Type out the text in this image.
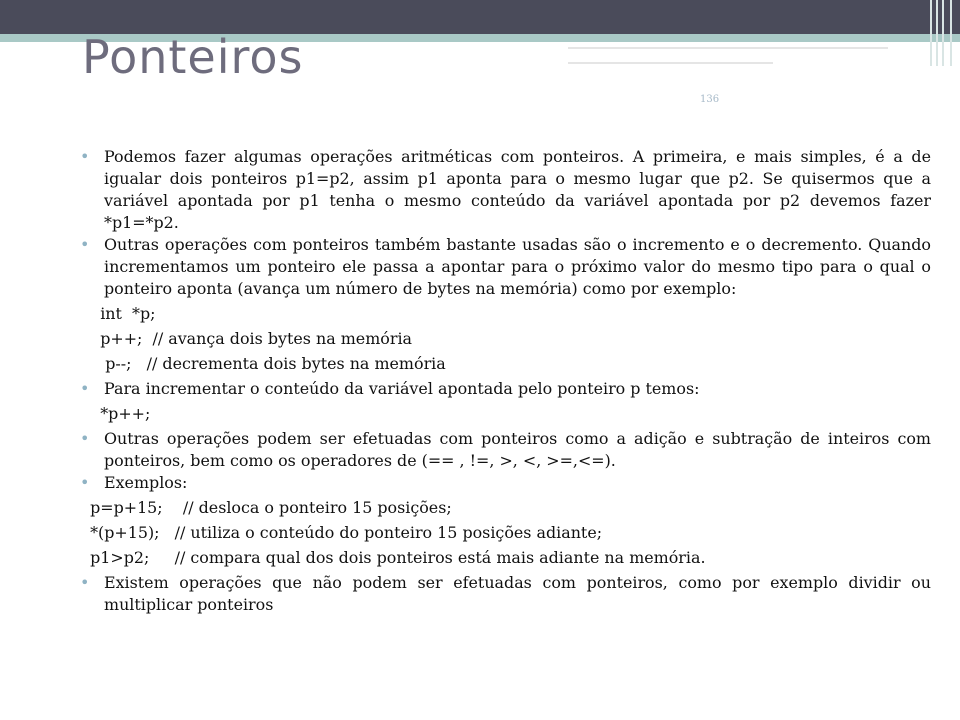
Ponteiros
136
• Podemos fazer algumas operações aritméticas com ponteiros. A primeira, e mais simples, é a de igualar dois ponteiros p1=p2, assim p1 aponta para o mesmo lugar que p2. Se quisermos que a variável apontada por p1 tenha o mesmo conteúdo da variável apontada por p2 devemos fazer *p1=*p2.
• Outras operações com ponteiros também bastante usadas são o incremento e o decremento. Quando incrementamos um ponteiro ele passa a apontar para o próximo valor do mesmo tipo para o qual o ponteiro aponta (avança um número de bytes na memória) como por exemplo:
int  *p;
p++;  // avança dois bytes na memória
p--;   // decrementa dois bytes na memória
• Para incrementar o conteúdo da variável apontada pelo ponteiro p temos:
*p++;
• Outras operações podem ser efetuadas com ponteiros como a adição e subtração de inteiros com ponteiros, bem como os operadores de (== , !=, >, <, >=,<=).
• Exemplos:
p=p+15;    // desloca o ponteiro 15 posições;
*(p+15);   // utiliza o conteúdo do ponteiro 15 posições adiante;
p1>p2;     // compara qual dos dois ponteiros está mais adiante na memória.
• Existem operações que não podem ser efetuadas com ponteiros, como por exemplo dividir ou multiplicar ponteiros
